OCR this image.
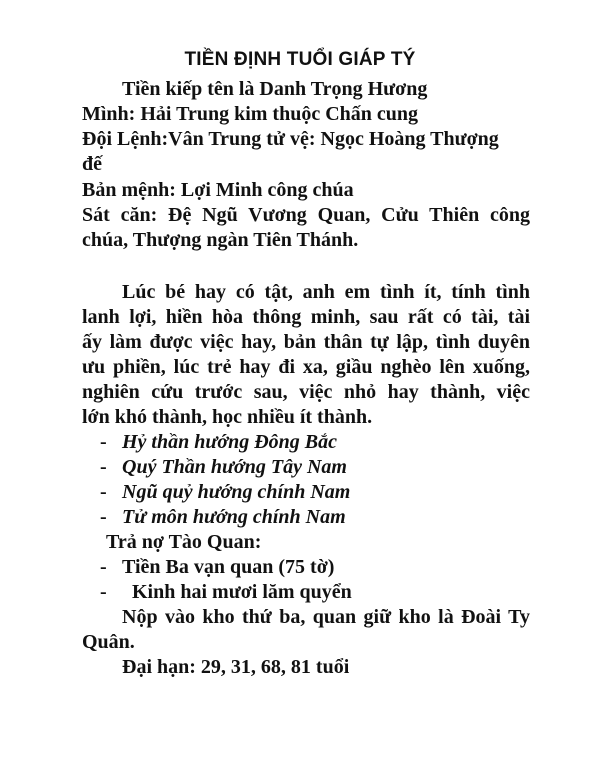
TIỀN ĐỊNH TUỔI GIÁP TÝ
Tiền kiếp tên là Danh Trọng Hương
Mình: Hải Trung kim thuộc Chấn cung
Đội Lệnh:Vân Trung tử vệ: Ngọc Hoàng Thượng
đế
Bản mệnh: Lợi Minh công chúa
Sát căn: Đệ Ngũ Vương Quan, Cửu Thiên công
chúa, Thượng ngàn Tiên Thánh.
Lúc bé hay có tật, anh em tình ít, tính tình
lanh lợi, hiền hòa thông minh, sau rất có tài, tài
ấy làm được việc hay, bản thân tự lập, tình duyên
ưu phiền, lúc trẻ hay đi xa, giầu nghèo lên xuống,
nghiên cứu trước sau, việc nhỏ hay thành, việc
lớn khó thành, học nhiều ít thành.
- Hỷ thần hướng Đông Bắc
- Quý Thần hướng Tây Nam
- Ngũ quỷ hướng chính Nam
- Tử môn hướng chính Nam
Trả nợ Tào Quan:
- Tiền Ba vạn quan (75 tờ)
- Kinh hai mươi lăm quyển
Nộp vào kho thứ ba, quan giữ kho là Đoài Ty
Quân.
Đại hạn: 29, 31, 68, 81 tuổi
